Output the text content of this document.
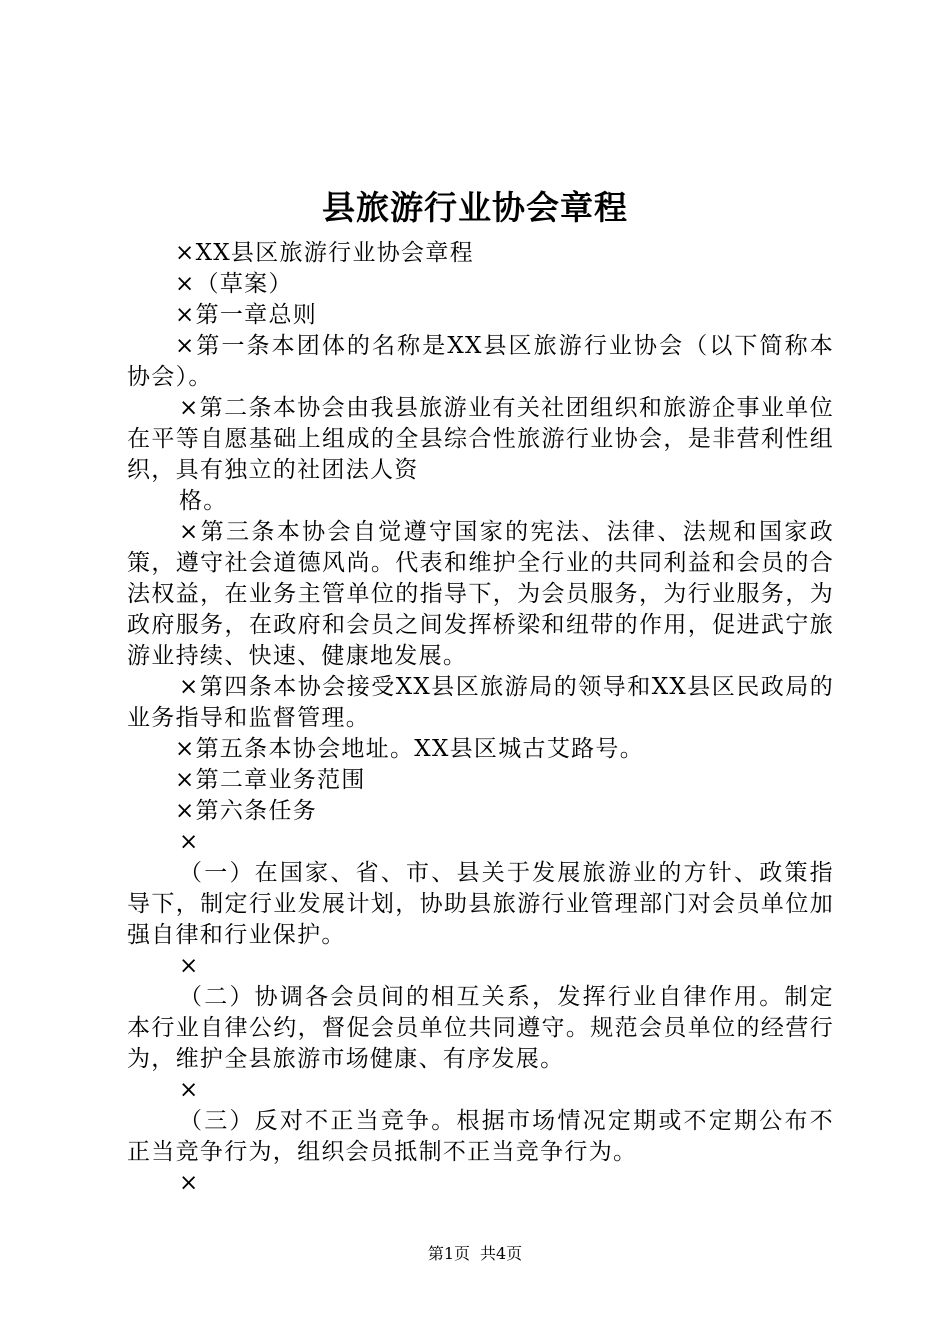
县旅游行业协会章程

×XX县区旅游行业协会章程

×（草案）

×第一章总则

×第一条本团体的名称是XX县区旅游行业协会（以下简称本协会）。

×第二条本协会由我县旅游业有关社团组织和旅游企事业单位在平等自愿基础上组成的全县综合性旅游行业协会，是非营利性组织，具有独立的社团法人资

格。

×第三条本协会自觉遵守国家的宪法、法律、法规和国家政策，遵守社会道德风尚。代表和维护全行业的共同利益和会员的合法权益，在业务主管单位的指导下，为会员服务，为行业服务，为政府服务，在政府和会员之间发挥桥梁和纽带的作用，促进武宁旅游业持续、快速、健康地发展。

×第四条本协会接受XX县区旅游局的领导和XX县区民政局的业务指导和监督管理。

×第五条本协会地址。XX县区城古艾路号。

×第二章业务范围

×第六条任务

×

（一）在国家、省、市、县关于发展旅游业的方针、政策指导下，制定行业发展计划，协助县旅游行业管理部门对会员单位加强自律和行业保护。

×

（二）协调各会员间的相互关系，发挥行业自律作用。制定本行业自律公约，督促会员单位共同遵守。规范会员单位的经营行为，维护全县旅游市场健康、有序发展。

×

（三）反对不正当竞争。根据市场情况定期或不定期公布不正当竞争行为，组织会员抵制不正当竞争行为。

×

第1页 共4页
